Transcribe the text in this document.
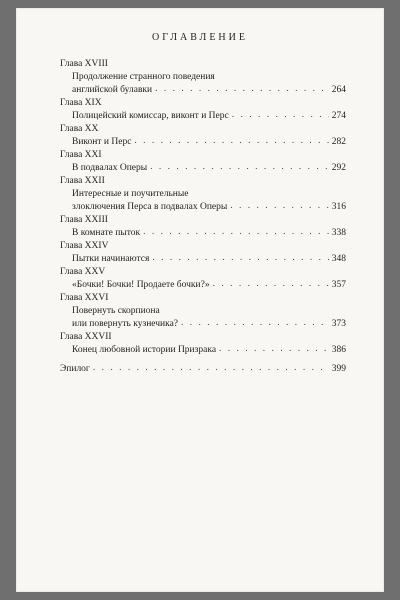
ОГЛАВЛЕНИЕ
Глава XVIII
Продолжение странного поведения
английской булавки . . .	264
Глава XIX
Полицейский комиссар, виконт и Перс . . .	274
Глава XX
Виконт и Перс . . .	282
Глава XXI
В подвалах Оперы . . .	292
Глава XXII
Интересные и поучительные
злоключения Перса в подвалах Оперы . . .	316
Глава XXIII
В комнате пыток . . .	338
Глава XXIV
Пытки начинаются . . .	348
Глава XXV
«Бочки! Бочки! Продаете бочки?» . . .	357
Глава XXVI
Повернуть скорпиона
или повернуть кузнечика? . . .	373
Глава XXVII
Конец любовной истории Призрака . . .	386
Эпилог . . .	399
